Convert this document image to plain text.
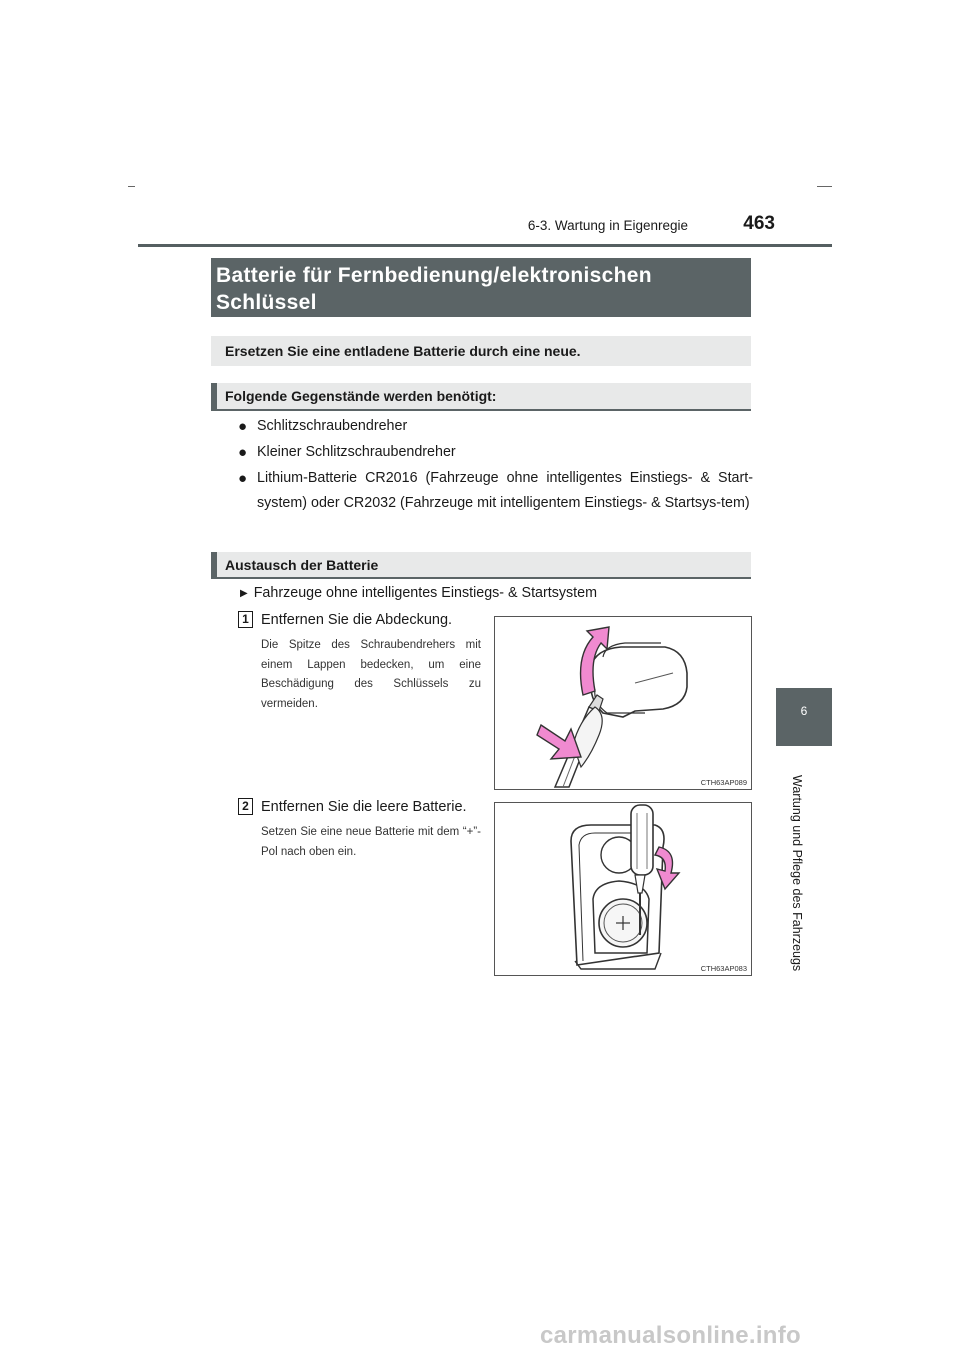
6-3. Wartung in Eigenregie	463
6
Wartung und Pflege des Fahrzeugs
Batterie für Fernbedienung/elektronischen Schlüssel
Ersetzen Sie eine entladene Batterie durch eine neue.
Folgende Gegenstände werden benötigt:
● Schlitzschraubendreher
● Kleiner Schlitzschraubendreher
● Lithium-Batterie CR2016 (Fahrzeuge ohne intelligentes Einstiegs- & Start-system) oder CR2032 (Fahrzeuge mit intelligentem Einstiegs- & Startsys-tem)
Austausch der Batterie
▶ Fahrzeuge ohne intelligentes Einstiegs- & Startsystem
1 Entfernen Sie die Abdeckung.
Die Spitze des Schraubendrehers mit einem Lappen bedecken, um eine Beschädigung des Schlüssels zu vermeiden.
CTH63AP089
2 Entfernen Sie die leere Batterie.
Setzen Sie eine neue Batterie mit dem “+”-Pol nach oben ein.
CTH63AP083
carmanualsonline.info
